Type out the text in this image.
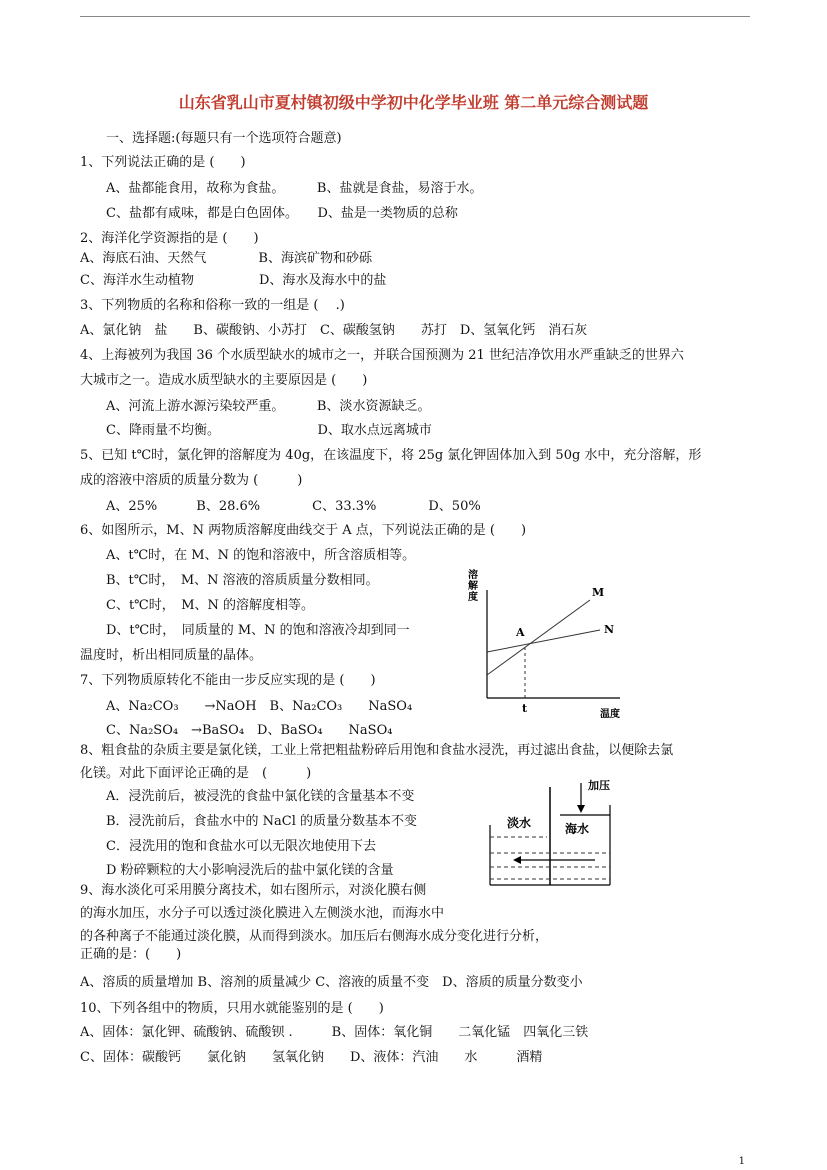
山东省乳山市夏村镇初级中学初中化学毕业班 第二单元综合测试题
一、选择题:(每题只有一个选项符合题意)
1、下列说法正确的是 (　　)
A、盐都能食用，故称为食盐。　　　B、盐就是食盐，易溶于水。
C、盐都有咸味，都是白色固体。　　D、盐是一类物质的总称
2、海洋化学资源指的是 (　　)
A、海底石油、天然气　　　　B、海滨矿物和砂砾
C、海洋水生动植物　　　　　D、海水及海水中的盐
3、下列物质的名称和俗称一致的一组是 (　 .)
A、氯化钠　盐　　B、碳酸钠、小苏打　C、碳酸氢钠　　苏打　D、氢氧化钙　消石灰
4、上海被列为我国 36 个水质型缺水的城市之一，并联合国预测为 21 世纪洁净饮用水严重缺乏的世界六
大城市之一。造成水质型缺水的主要原因是 (　　)
A、河流上游水源污染较严重。　　　B、淡水资源缺乏。
C、降雨量不均衡。　　　　　　　　D、取水点远离城市
5、已知 t℃时，氯化钾的溶解度为 40g，在该温度下，将 25g 氯化钾固体加入到 50g 水中，充分溶解，形
成的溶液中溶质的质量分数为 (　　　)
A、25%　　　B、28.6%　　　　C、33.3%　　　　D、50%
6、如图所示，M、N 两物质溶解度曲线交于 A 点，下列说法正确的是 (　　)
A、t℃时，在 M、N 的饱和溶液中，所含溶质相等。
B、t℃时，　M、N 溶液的溶质质量分数相同。
C、t℃时，　M、N 的溶解度相等。
D、t℃时，　同质量的 M、N 的饱和溶液冷却到同一
温度时，析出相同质量的晶体。
7、下列物质原转化不能由一步反应实现的是 (　　)
A、Na₂CO₃　　→NaOH　B、Na₂CO₃　　NaSO₄
C、Na₂SO₄　→BaSO₄　D、BaSO₄　　NaSO₄
8、粗食盐的杂质主要是氯化镁，工业上常把粗盐粉碎后用饱和食盐水浸洗，再过滤出食盐，以便除去氯
化镁。对此下面评论正确的是　(　　　)
A．浸洗前后，被浸洗的食盐中氯化镁的含量基本不变
B．浸洗前后，食盐水中的 NaCl 的质量分数基本不变
C．浸洗用的饱和食盐水可以无限次地使用下去
D 粉碎颗粒的大小影响浸洗后的盐中氯化镁的含量
9、海水淡化可采用膜分离技术，如右图所示，对淡化膜右侧
的海水加压，水分子可以透过淡化膜进入左侧淡水池，而海水中
的各种离子不能通过淡化膜，从而得到淡水。加压后右侧海水成分变化进行分析，
正确的是：(　　)
A、溶质的质量增加 B、溶剂的质量减少 C、溶液的质量不变　D、溶质的质量分数变小
10、下列各组中的物质，只用水就能鉴别的是 (　　)
A、固体：氯化钾、硫酸钠、硫酸钡 .　　　B、固体：氧化铜　　二氧化锰　四氧化三铁
C、固体：碳酸钙　　氯化钠　　氢氧化钠　　D、液体：汽油　　水　　　酒精
溶
解
度	M
N
A
t	温度
加压
淡水	海水
1
